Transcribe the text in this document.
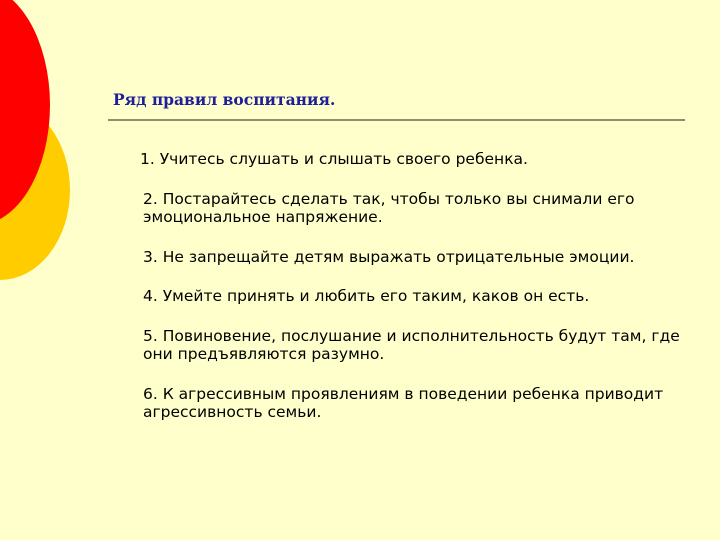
Ряд правил воспитания.
1. Учитесь слушать и слышать своего ребенка.
2. Постарайтесь сделать так, чтобы только вы снимали его эмоциональное напряжение.
3. Не запрещайте детям выражать отрицательные эмоции.
4. Умейте принять и любить его таким, каков он есть.
5. Повиновение, послушание и исполнительность будут там, где они предъявляются разумно.
6. К агрессивным проявлениям в поведении ребенка приводит агрессивность семьи.
